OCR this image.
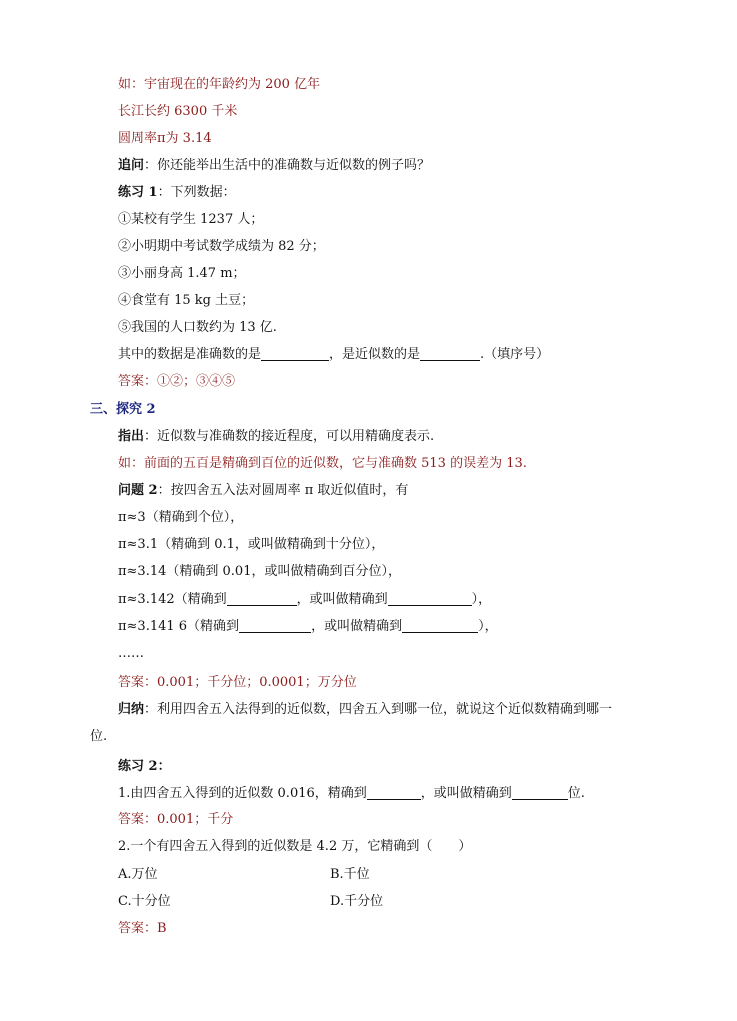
如：宇宙现在的年龄约为 200 亿年
长江长约 6300 千米
圆周率π为 3.14
追问：你还能举出生活中的准确数与近似数的例子吗？
练习 1：下列数据：
①某校有学生 1237 人；
②小明期中考试数学成绩为 82 分；
③小丽身高 1.47 m；
④食堂有 15 kg 土豆；
⑤我国的人口数约为 13 亿.
其中的数据是准确数的是	，是近似数的是	.（填序号）
答案：①②；③④⑤
三、探究 2
指出：近似数与准确数的接近程度，可以用精确度表示.
如：前面的五百是精确到百位的近似数，它与准确数 513 的误差为 13.
问题 2：按四舍五入法对圆周率 π 取近似值时，有
π≈3（精确到个位），
π≈3.1（精确到 0.1，或叫做精确到十分位），
π≈3.14（精确到 0.01，或叫做精确到百分位），
π≈3.142（精确到	，或叫做精确到	），
π≈3.141 6（精确到	，或叫做精确到	），
……
答案：0.001；千分位；0.0001；万分位
归纳：利用四舍五入法得到的近似数，四舍五入到哪一位，就说这个近似数精确到哪一
位.
练习 2：
1.由四舍五入得到的近似数 0.016，精确到	，或叫做精确到	位.
答案：0.001；千分
2.一个有四舍五入得到的近似数是 4.2 万，它精确到（　　）
A.万位	B.千位
C.十分位	D.千分位
答案：B
